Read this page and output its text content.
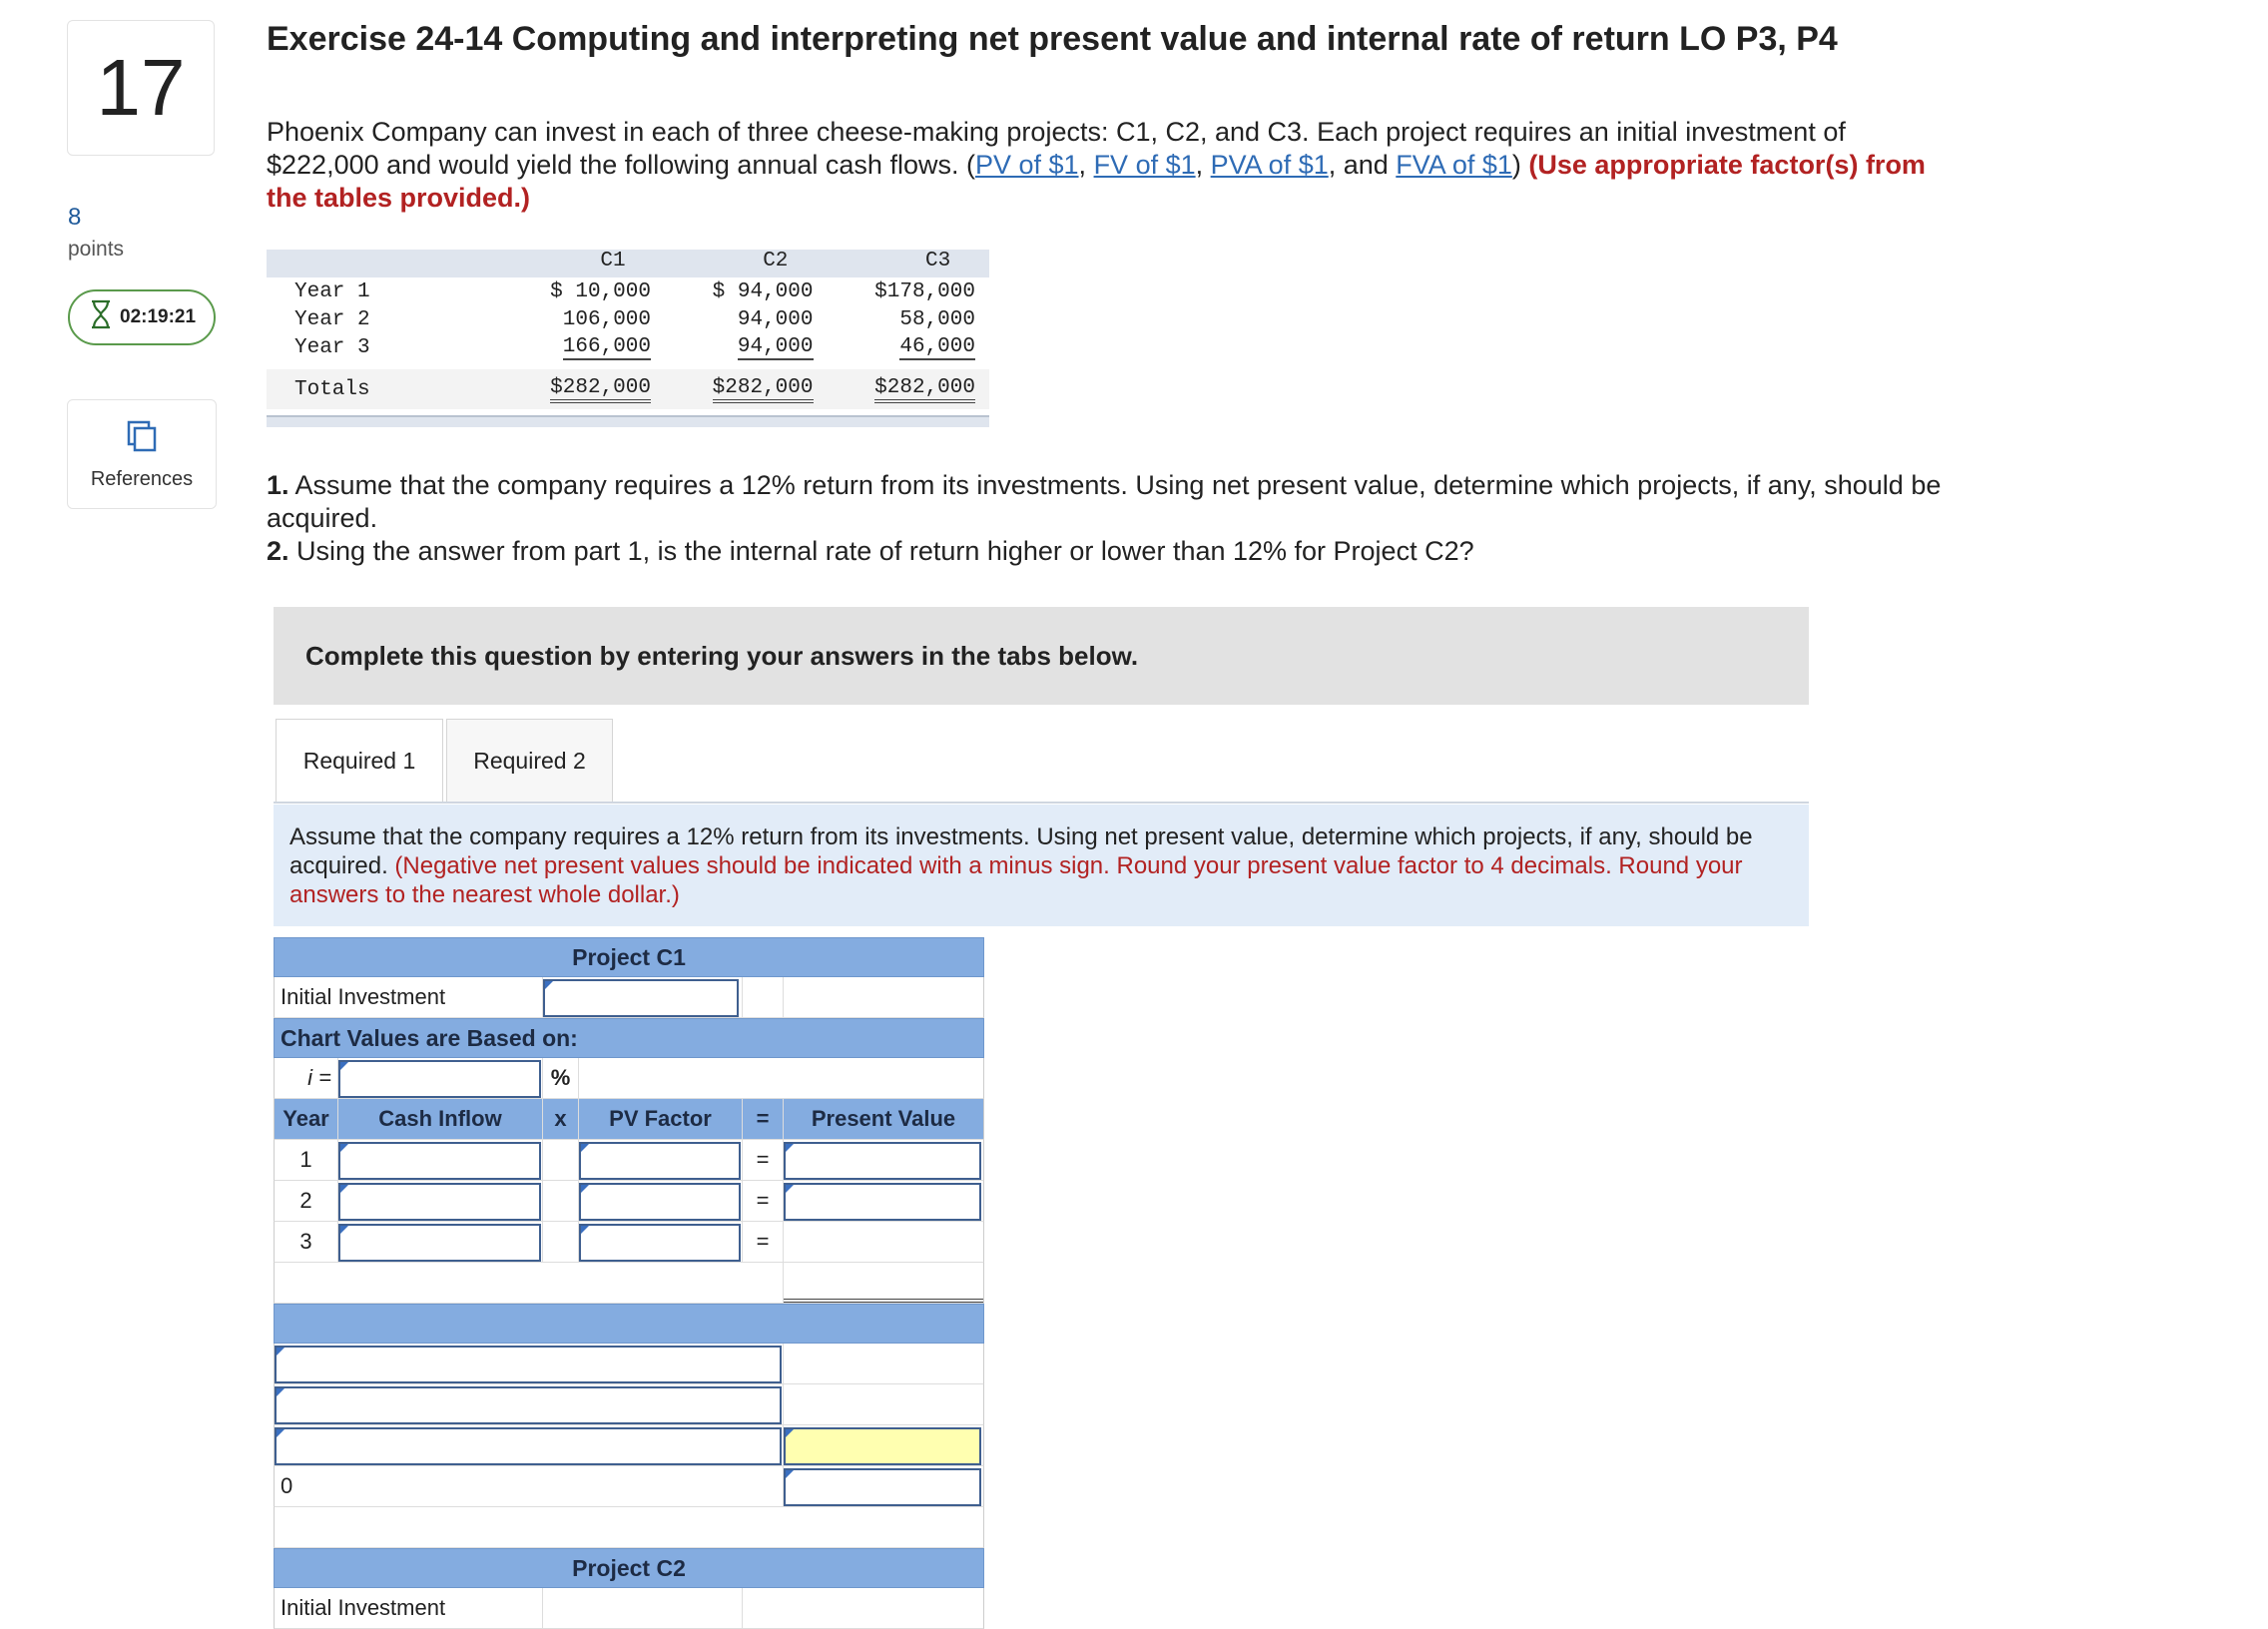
17
8
points
02:19:21
References
Exercise 24-14 Computing and interpreting net present value and internal rate of return LO P3, P4
Phoenix Company can invest in each of three cheese-making projects: C1, C2, and C3. Each project requires an initial investment of $222,000 and would yield the following annual cash flows. (PV of $1, FV of $1, PVA of $1, and FVA of $1) (Use appropriate factor(s) from the tables provided.)
C1	C2	C3
Year 1	$ 10,000	$ 94,000	$178,000
Year 2	106,000	94,000	58,000
Year 3	166,000	94,000	46,000
Totals	$282,000	$282,000	$282,000
1. Assume that the company requires a 12% return from its investments. Using net present value, determine which projects, if any, should be acquired.
2. Using the answer from part 1, is the internal rate of return higher or lower than 12% for Project C2?
Complete this question by entering your answers in the tabs below.
Required 1	Required 2
Assume that the company requires a 12% return from its investments. Using net present value, determine which projects, if any, should be acquired. (Negative net present values should be indicated with a minus sign. Round your present value factor to 4 decimals. Round your answers to the nearest whole dollar.)
Project C1
Initial Investment
Chart Values are Based on:
i =	%
Year	Cash Inflow	x	PV Factor	=	Present Value
1	=
2	=
3	=
0
Project C2
Initial Investment
